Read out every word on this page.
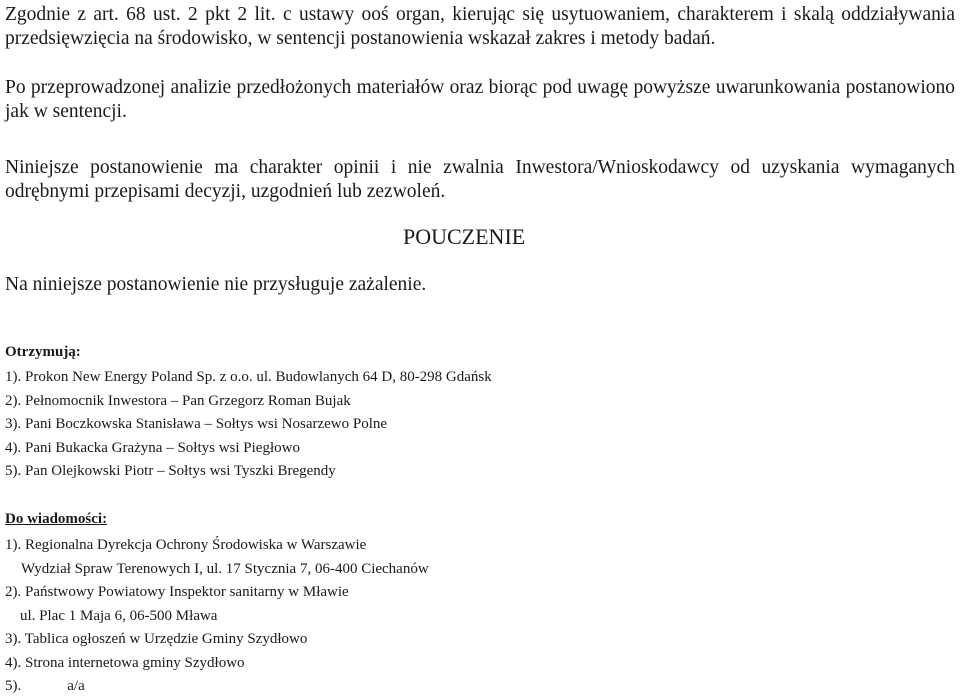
Zgodnie z art. 68 ust. 2 pkt 2 lit. c ustawy ooś organ, kierując się usytuowaniem, charakterem i skalą oddziaływania przedsięwzięcia na środowisko, w sentencji postanowienia wskazał zakres i metody badań.

Po przeprowadzonej analizie przedłożonych materiałów oraz biorąc pod uwagę powyższe uwarunkowania postanowiono jak w sentencji.

Niniejsze postanowienie ma charakter opinii i nie zwalnia Inwestora/Wnioskodawcy od uzyskania wymaganych odrębnymi przepisami decyzji, uzgodnień lub zezwoleń.

POUCZENIE

Na niniejsze postanowienie nie przysługuje zażalenie.

Otrzymują:

1). Prokon New Energy Poland Sp. z o.o. ul. Budowlanych 64 D, 80-298 Gdańsk
2). Pełnomocnik Inwestora – Pan Grzegorz Roman Bujak
3). Pani Boczkowska Stanisława – Sołtys wsi Nosarzewo Polne
4). Pani Bukacka Grażyna – Sołtys wsi Piegłowo
5). Pan Olejkowski Piotr – Sołtys wsi Tyszki Bregendy

Do wiadomości:

1). Regionalna Dyrekcja Ochrony Środowiska w Warszawie
Wydział Spraw Terenowych I, ul. 17 Stycznia 7, 06-400 Ciechanów
2). Państwowy Powiatowy Inspektor sanitarny w Mławie
ul. Plac 1 Maja 6, 06-500 Mława
3). Tablica ogłoszeń w Urzędzie Gminy Szydłowo
4). Strona internetowa gminy Szydłowo
5).	a/a
